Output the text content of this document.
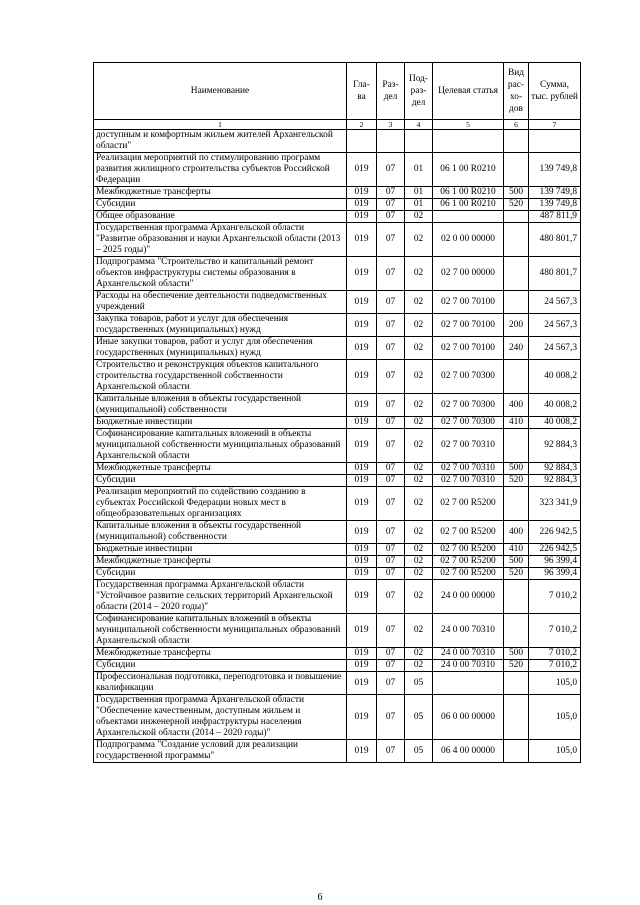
Наименование	Гла-ва	Раз-дел	Под-раз-дел	Целевая статья	Вид рас-хо-дов	Сумма, тыс. рублей
1	2	3	4	5	6	7
доступным и комфортным жильем жителей Архангельской области"						
Реализация мероприятий по стимулированию программ развития жилищного строительства субъектов Российской Федерации	019	07	01	06 1 00 R0210		139 749,8
Межбюджетные трансферты	019	07	01	06 1 00 R0210	500	139 749,8
Субсидии	019	07	01	06 1 00 R0210	520	139 749,8
Общее образование	019	07	02			487 811,9
Государственная программа Архангельской области "Развитие образования и науки Архангельской области (2013 – 2025 годы)"	019	07	02	02 0 00 00000		480 801,7
Подпрограмма "Строительство и капитальный ремонт объектов инфраструктуры системы образования в Архангельской области"	019	07	02	02 7 00 00000		480 801,7
Расходы на обеспечение деятельности подведомственных учреждений	019	07	02	02 7 00 70100		24 567,3
Закупка товаров, работ и услуг для обеспечения государственных (муниципальных) нужд	019	07	02	02 7 00 70100	200	24 567,3
Иные закупки товаров, работ и услуг для обеспечения государственных (муниципальных) нужд	019	07	02	02 7 00 70100	240	24 567,3
Строительство и реконструкция объектов капитального строительства государственной собственности Архангельской области	019	07	02	02 7 00 70300		40 008,2
Капитальные вложения в объекты государственной (муниципальной) собственности	019	07	02	02 7 00 70300	400	40 008,2
Бюджетные инвестиции	019	07	02	02 7 00 70300	410	40 008,2
Софинансирование капитальных вложений в объекты муниципальной собственности муниципальных образований Архангельской области	019	07	02	02 7 00 70310		92 884,3
Межбюджетные трансферты	019	07	02	02 7 00 70310	500	92 884,3
Субсидии	019	07	02	02 7 00 70310	520	92 884,3
Реализация мероприятий по содействию созданию в субъектах Российской Федерации новых мест в общеобразовательных организациях	019	07	02	02 7 00 R5200		323 341,9
Капитальные вложения в объекты государственной (муниципальной) собственности	019	07	02	02 7 00 R5200	400	226 942,5
Бюджетные инвестиции	019	07	02	02 7 00 R5200	410	226 942,5
Межбюджетные трансферты	019	07	02	02 7 00 R5200	500	96 399,4
Субсидии	019	07	02	02 7 00 R5200	520	96 399,4
Государственная программа Архангельской области "Устойчивое развитие сельских территорий Архангельской области (2014 – 2020 годы)"	019	07	02	24 0 00 00000		7 010,2
Софинансирование капитальных вложений в объекты муниципальной собственности муниципальных образований Архангельской области	019	07	02	24 0 00 70310		7 010,2
Межбюджетные трансферты	019	07	02	24 0 00 70310	500	7 010,2
Субсидии	019	07	02	24 0 00 70310	520	7 010,2
Профессиональная подготовка, переподготовка и повышение квалификации	019	07	05			105,0
Государственная программа Архангельской области "Обеспечение качественным, доступным жильем и объектами инженерной инфраструктуры населения Архангельской области (2014 – 2020 годы)"	019	07	05	06 0 00 00000		105,0
Подпрограмма "Создание условий для реализации государственной программы"	019	07	05	06 4 00 00000		105,0
6
